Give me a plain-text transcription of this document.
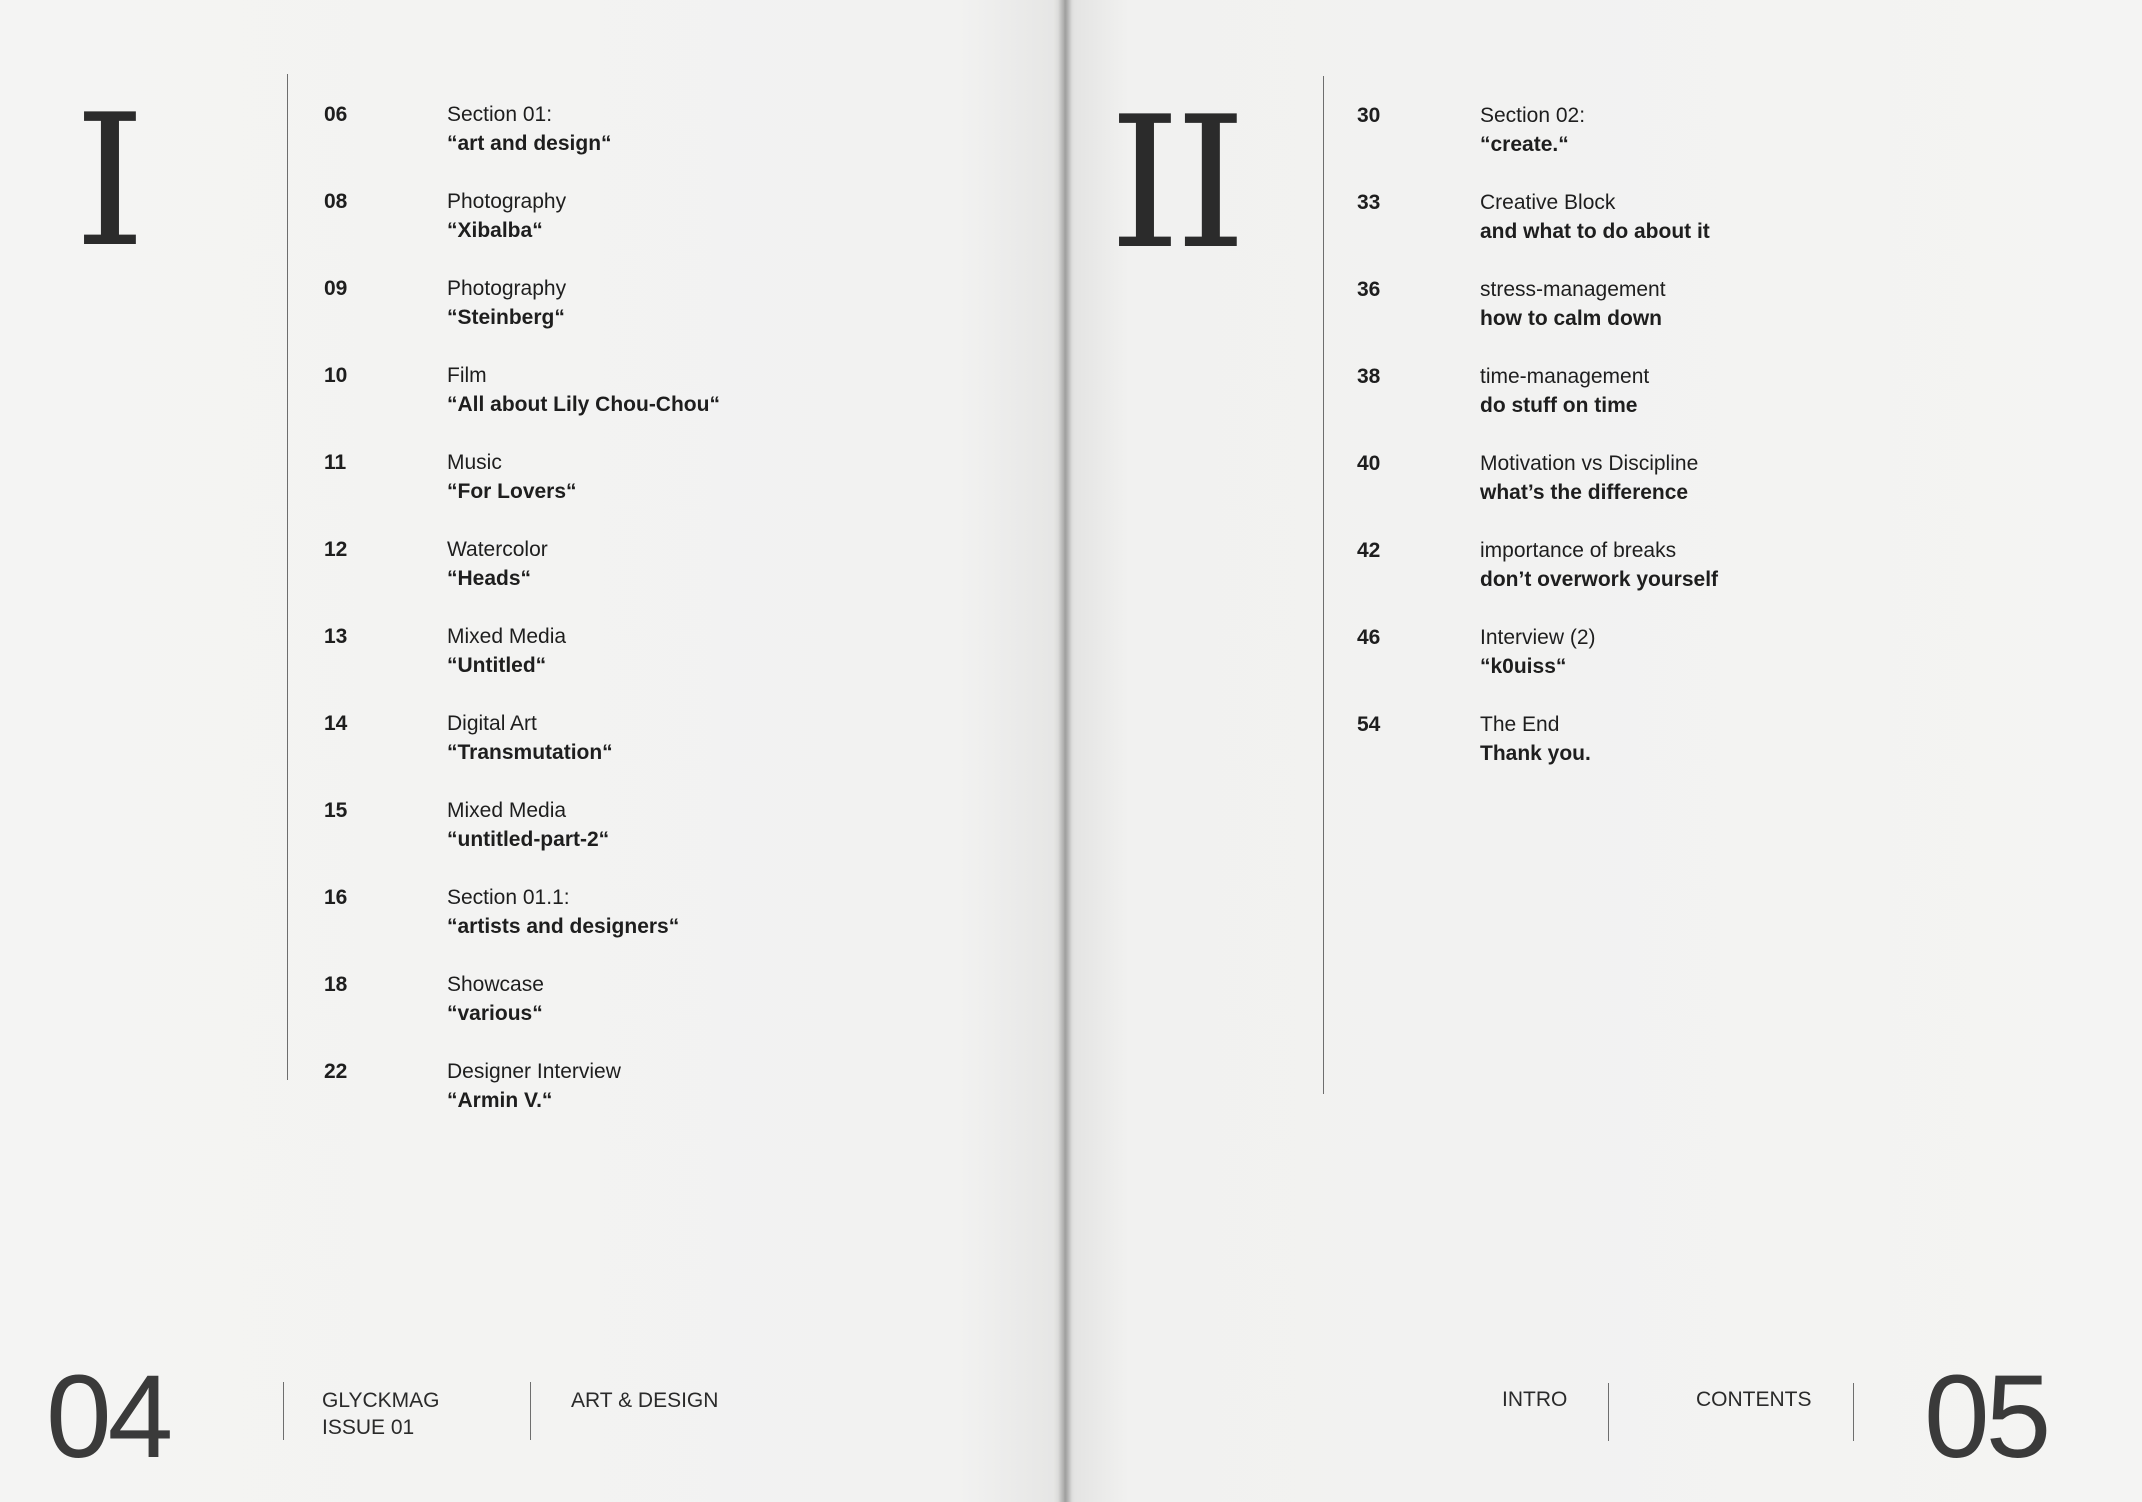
I	06	Section 01:
“art and design“
08	Photography
“Xibalba“
09	Photography
“Steinberg“
10	Film
“All about Lily Chou-Chou“
11	Music
“For Lovers“
12	Watercolor
“Heads“
13	Mixed Media
“Untitled“
14	Digital Art
“Transmutation“
15	Mixed Media
“untitled-part-2“
16	Section 01.1:
“artists and designers“
18	Showcase
“various“
22	Designer Interview
“Armin V.“
04	GLYCKMAG
ISSUE 01
ART & DESIGN
II	30	Section 02:
“create.“
33	Creative Block
and what to do about it
36	stress-management
how to calm down
38	time-management
do stuff on time
40	Motivation vs Discipline
what’s the difference
42	importance of breaks
don’t overwork yourself
46	Interview (2)
“k0uiss“
54	The End
Thank you.
INTRO	CONTENTS 05
